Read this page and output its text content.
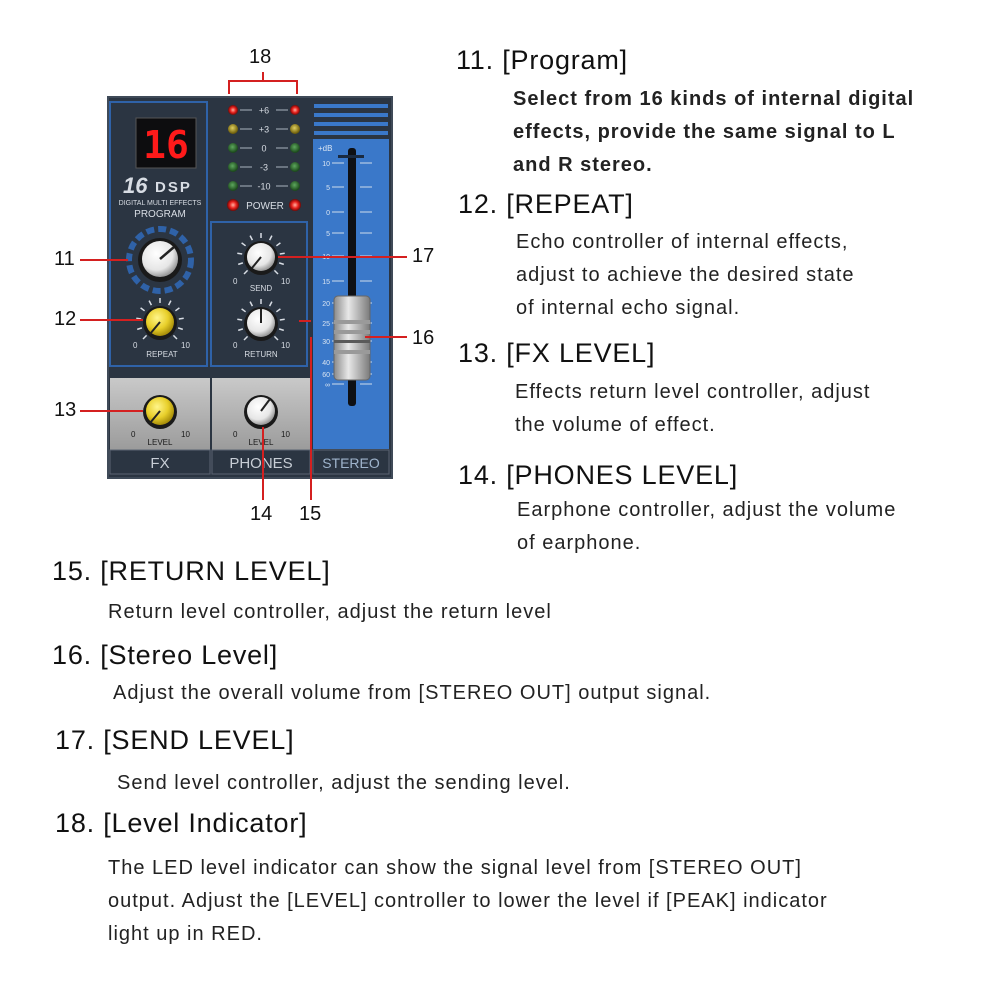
16
16 DSP
DIGITAL MULTI EFFECTS
PROGRAM
0	10
REPEAT
+6
+3
0
-3
-10
POWER
0	10
SEND
0	10
RETURN
FX
0	10
LEVEL
PHONES
0	10
LEVEL
STEREO
+dB
10
5
0
5
10
15
20
25
30
40
60
∞
18
11
12
13
14 15
16
17
11. [Program]
Select from 16 kinds of internal digital
effects, provide the same signal to L
and R stereo.
12. [REPEAT]
Echo controller of internal effects,
adjust to achieve the desired state
of internal echo signal.
13. [FX LEVEL]
Effects return level controller, adjust
the volume of effect.
14. [PHONES LEVEL]
Earphone controller, adjust the volume
of earphone.
15. [RETURN LEVEL]
Return level controller, adjust the return level
16. [Stereo Level]
Adjust the overall volume from [STEREO OUT] output signal.
17. [SEND LEVEL]
Send level controller, adjust the sending level.
18. [Level Indicator]
The LED level indicator can show the signal level from [STEREO OUT]
output. Adjust the [LEVEL] controller to lower the level if [PEAK] indicator
light up in RED.
